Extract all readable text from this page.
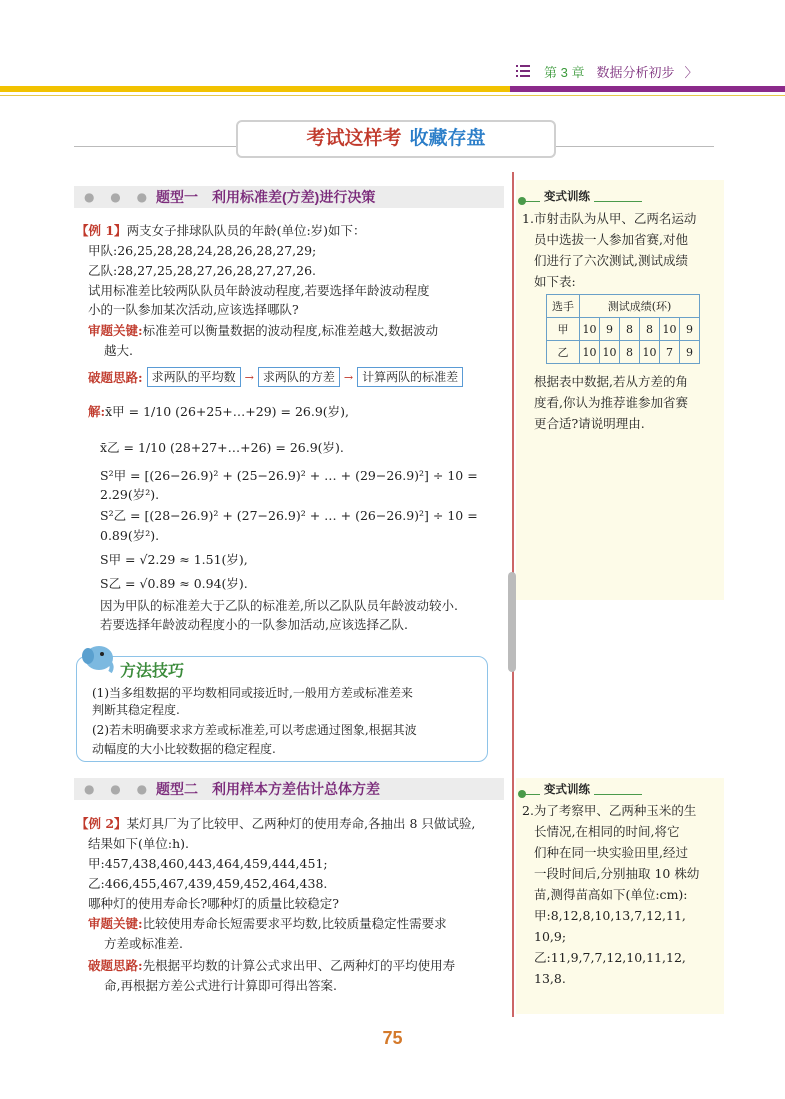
第 3 章 数据分析初步 〉
考试这样考 收藏存盘
● ● ● 题型一　利用标准差(方差)进行决策
【例 1】两支女子排球队队员的年龄(单位:岁)如下：
甲队:26,25,28,28,24,28,26,28,27,29;
乙队:28,27,25,28,27,26,28,27,27,26.
试用标准差比较两队队员年龄波动程度,若要选择年龄波动程度
小的一队参加某次活动,应该选择哪队?
审题关键:标准差可以衡量数据的波动程度,标准差越大,数据波动
越大.
破题思路: 求两队的平均数 → 求两队的方差 → 计算两队的标准差
解:x̄甲 = 1/10 (26+25+…+29) = 26.9(岁),
x̄乙 = 1/10 (28+27+…+26) = 26.9(岁).
S²甲 = [(26−26.9)² + (25−26.9)² + … + (29−26.9)²] ÷ 10 =
2.29(岁²).
S²乙 = [(28−26.9)² + (27−26.9)² + … + (26−26.9)²] ÷ 10 =
0.89(岁²).
S甲 = √2.29 ≈ 1.51(岁),
S乙 = √0.89 ≈ 0.94(岁).
因为甲队的标准差大于乙队的标准差,所以乙队队员年龄波动较小.
若要选择年龄波动程度小的一队参加活动,应该选择乙队.
方法技巧
(1)当多组数据的平均数相同或接近时,一般用方差或标准差来
判断其稳定程度.
(2)若未明确要求求方差或标准差,可以考虑通过图象,根据其波
动幅度的大小比较数据的稳定程度.
● ● ● 题型二　利用样本方差估计总体方差
【例 2】某灯具厂为了比较甲、乙两种灯的使用寿命,各抽出 8 只做试验,
结果如下(单位:h).
甲:457,438,460,443,464,459,444,451;
乙:466,455,467,439,459,452,464,438.
哪种灯的使用寿命长?哪种灯的质量比较稳定?
审题关键:比较使用寿命长短需要求平均数,比较质量稳定性需要求
方差或标准差.
破题思路:先根据平均数的计算公式求出甲、乙两种灯的平均使用寿
命,再根据方差公式进行计算即可得出答案.
变式训练
1.市射击队为从甲、乙两名运动
员中选拔一人参加省赛,对他
们进行了六次测试,测试成绩
如下表:
选手	测试成绩(环)					
甲	10	9	8	8	10	9
乙	10	10	8	10	7	9
根据表中数据,若从方差的角
度看,你认为推荐谁参加省赛
更合适?请说明理由.
变式训练
2.为了考察甲、乙两种玉米的生
长情况,在相同的时间,将它
们种在同一块实验田里,经过
一段时间后,分别抽取 10 株幼
苗,测得苗高如下(单位:cm):
甲:8,12,8,10,13,7,12,11,
10,9;
乙:11,9,7,7,12,10,11,12,
13,8.
75
